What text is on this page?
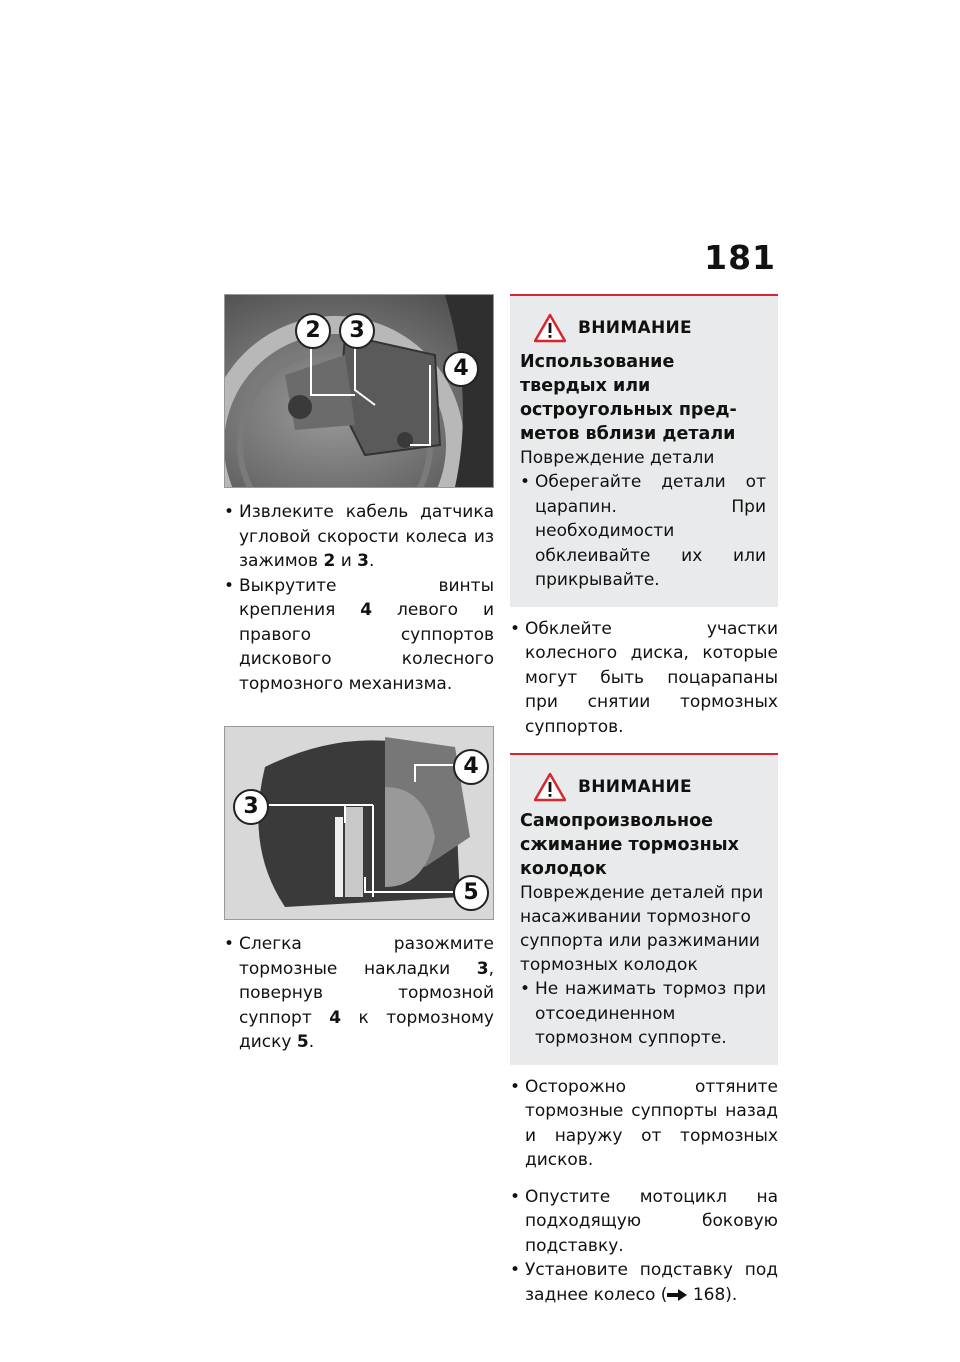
181
2	3
4
• Извлеките кабель датчика угловой скорости колеса из зажимов 2 и 3.
• Выкрутите винты крепления 4 левого и правого суппортов дискового колесного тормозного механизма.
4
3
5
• Слегка разожмите тормозные накладки 3, повернув тормозной суппорт 4 к тормозному диску 5.
ВНИМАНИЕ
Использование твердых или остроугольных предметов вблизи детали
Повреждение детали
• Оберегайте детали от царапин. При необходимости обклеивайте их или прикрывайте.
• Обклейте участки колесного диска, которые могут быть поцарапаны при снятии тормозных суппортов.
ВНИМАНИЕ
Самопроизвольное сжимание тормозных колодок
Повреждение деталей при насаживании тормозного суппорта или разжимании тормозных колодок
• Не нажимать тормоз при отсоединенном тормозном суппорте.
• Осторожно оттяните тормозные суппорты назад и наружу от тормозных дисков.
• Опустите мотоцикл на подходящую боковую подставку.
• Установите подставку под заднее колесо ( 168).
